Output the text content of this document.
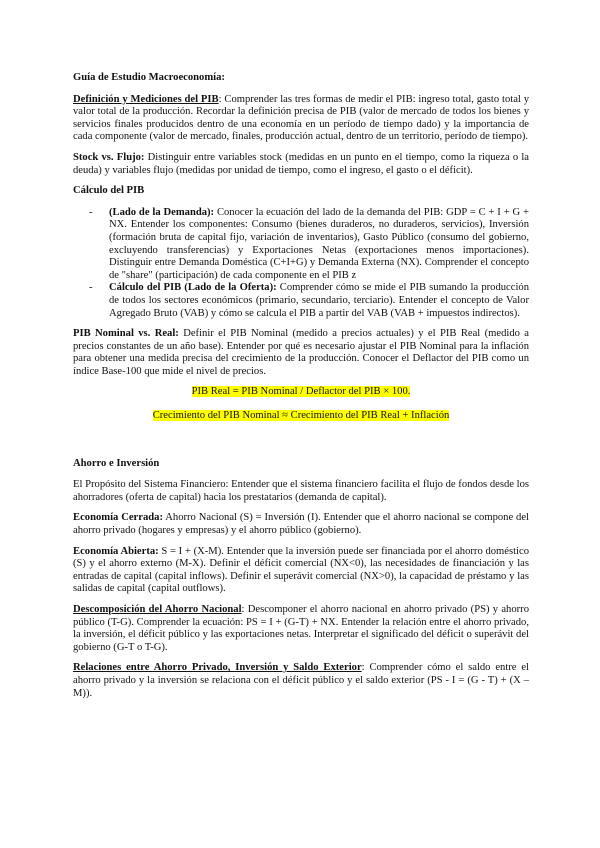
Guía de Estudio Macroeconomía:

Definición y Mediciones del PIB: Comprender las tres formas de medir el PIB: ingreso total, gasto total y valor total de la producción. Recordar la definición precisa de PIB (valor de mercado de todos los bienes y servicios finales producidos dentro de una economía en un período de tiempo dado) y la importancia de cada componente (valor de mercado, finales, producción actual, dentro de un territorio, período de tiempo).

Stock vs. Flujo: Distinguir entre variables stock (medidas en un punto en el tiempo, como la riqueza o la deuda) y variables flujo (medidas por unidad de tiempo, como el ingreso, el gasto o el déficit).

Cálculo del PIB
- (Lado de la Demanda): Conocer la ecuación del lado de la demanda del PIB: GDP = C + I + G + NX. Entender los componentes: Consumo (bienes duraderos, no duraderos, servicios), Inversión (formación bruta de capital fijo, variación de inventarios), Gasto Público (consumo del gobierno, excluyendo transferencias) y Exportaciones Netas (exportaciones menos importaciones). Distinguir entre Demanda Doméstica (C+I+G) y Demanda Externa (NX). Comprender el concepto de "share" (participación) de cada componente en el PIB z
- Cálculo del PIB (Lado de la Oferta): Comprender cómo se mide el PIB sumando la producción de todos los sectores económicos (primario, secundario, terciario). Entender el concepto de Valor Agregado Bruto (VAB) y cómo se calcula el PIB a partir del VAB (VAB + impuestos indirectos).

PIB Nominal vs. Real: Definir el PIB Nominal (medido a precios actuales) y el PIB Real (medido a precios constantes de un año base). Entender por qué es necesario ajustar el PIB Nominal para la inflación para obtener una medida precisa del crecimiento de la producción. Conocer el Deflactor del PIB como un índice Base-100 que mide el nivel de precios.

PIB Real = PIB Nominal / Deflactor del PIB × 100.
Crecimiento del PIB Nominal ≈ Crecimiento del PIB Real + Inflación
Ahorro e Inversión

El Propósito del Sistema Financiero: Entender que el sistema financiero facilita el flujo de fondos desde los ahorradores (oferta de capital) hacia los prestatarios (demanda de capital).

Economía Cerrada: Ahorro Nacional (S) = Inversión (I). Entender que el ahorro nacional se compone del ahorro privado (hogares y empresas) y el ahorro público (gobierno).

Economía Abierta: S = I + (X-M). Entender que la inversión puede ser financiada por el ahorro doméstico (S) y el ahorro externo (M-X). Definir el déficit comercial (NX<0), las necesidades de financiación y las entradas de capital (capital inflows). Definir el superávit comercial (NX>0), la capacidad de préstamo y las salidas de capital (capital outflows).

Descomposición del Ahorro Nacional: Descomponer el ahorro nacional en ahorro privado (PS) y ahorro público (T-G). Comprender la ecuación: PS = I + (G-T) + NX. Entender la relación entre el ahorro privado, la inversión, el déficit público y las exportaciones netas. Interpretar el significado del déficit o superávit del gobierno (G-T o T-G).

Relaciones entre Ahorro Privado, Inversión y Saldo Exterior: Comprender cómo el saldo entre el ahorro privado y la inversión se relaciona con el déficit público y el saldo exterior (PS - I = (G - T) + (X – M)).
